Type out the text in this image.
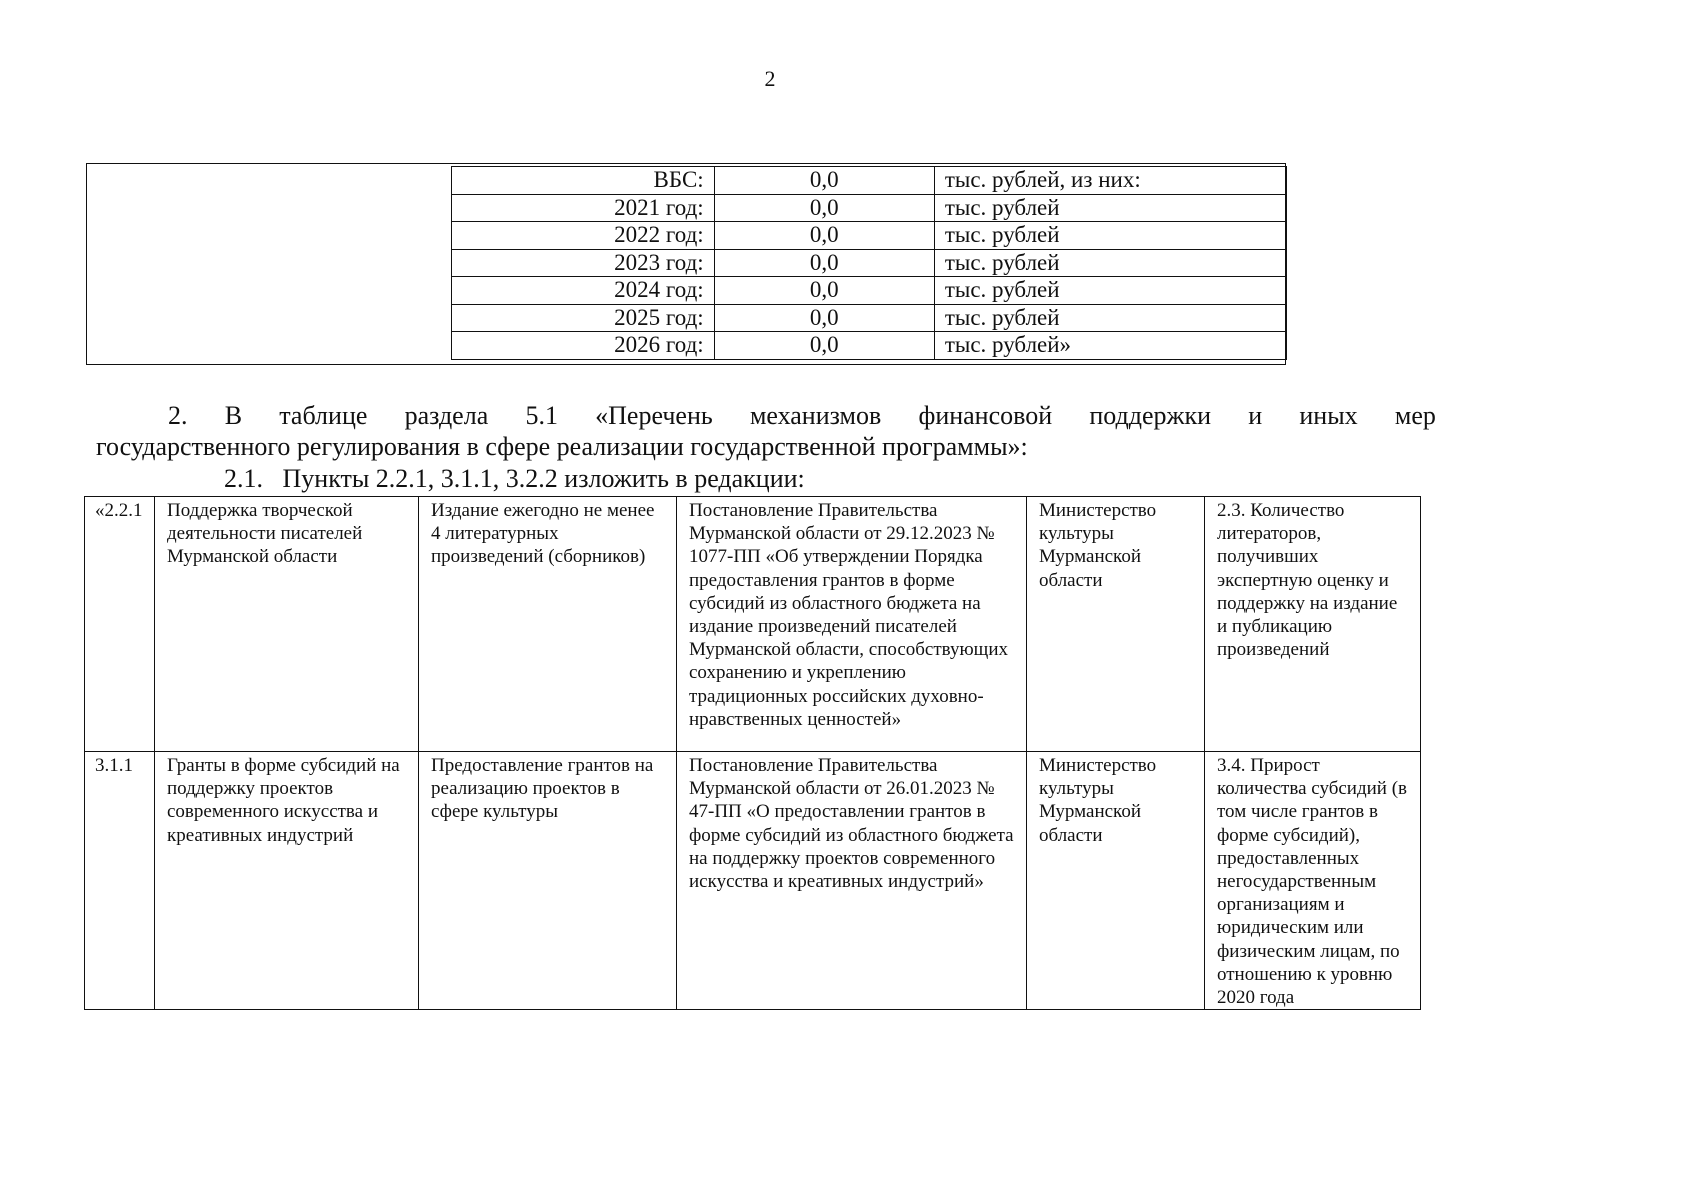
2
ВБС:	0,0	тыс. рублей, из них:
2021 год:	0,0	тыс. рублей
2022 год:	0,0	тыс. рублей
2023 год:	0,0	тыс. рублей
2024 год:	0,0	тыс. рублей
2025 год:	0,0	тыс. рублей
2026 год:	0,0	тыс. рублей»
2. В таблице раздела 5.1 «Перечень механизмов финансовой поддержки и иных мер

государственного регулирования в сфере реализации государственной программы»:

2.1.   Пункты 2.2.1, 3.1.1, 3.2.2 изложить в редакции:

«2.2.1	Поддержка творческой деятельности писателей Мурманской области	Издание ежегодно не менее 4 литературных произведений (сборников)	Постановление Правительства Мурманской области от 29.12.2023 № 1077-ПП «Об утверждении Порядка предоставления грантов в форме субсидий из областного бюджета на издание произведений писателей Мурманской области, способствующих сохранению и укреплению традиционных российских духовно-нравственных ценностей»	Министерство культуры Мурманской области	2.3. Количество литераторов, получивших экспертную оценку и поддержку на издание и публикацию произведений
3.1.1	Гранты в форме субсидий на поддержку проектов современного искусства и креативных индустрий	Предоставление грантов на реализацию проектов в сфере культуры	Постановление Правительства Мурманской области от 26.01.2023 № 47-ПП «О предоставлении грантов в форме субсидий из областного бюджета на поддержку проектов современного искусства и креативных индустрий»	Министерство культуры Мурманской области	3.4. Прирост количества субсидий (в том числе грантов в форме субсидий), предоставленных негосударственным организациям и юридическим или физическим лицам, по отношению к уровню 2020 года
